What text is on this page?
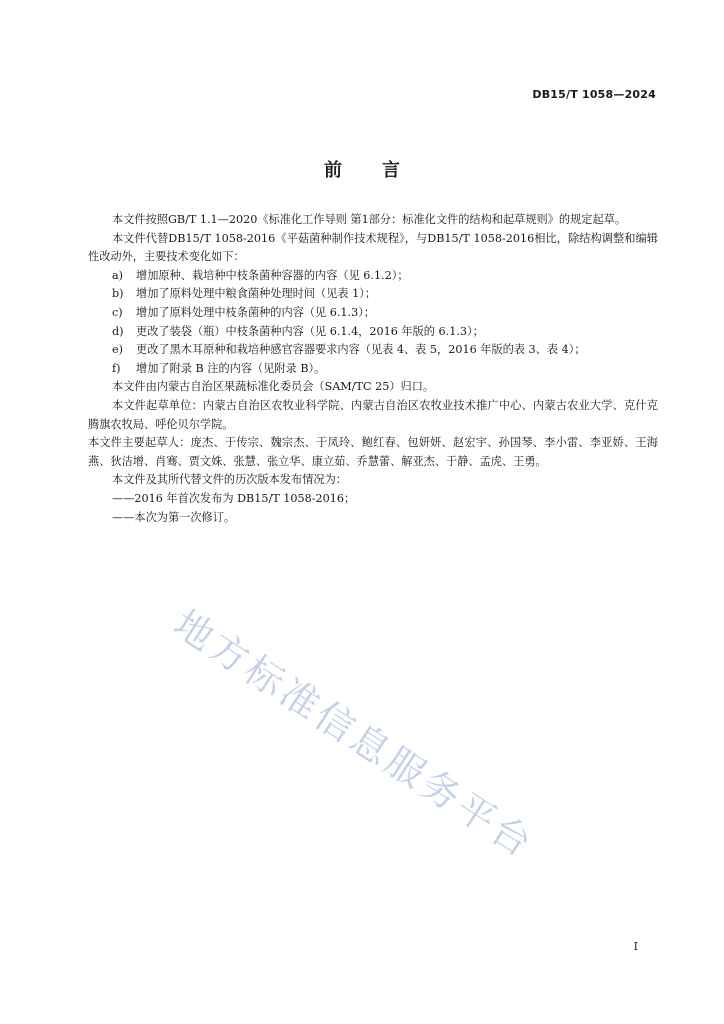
DB15/T 1058—2024
前言

本文件按照GB/T 1.1—2020《标准化工作导则 第1部分：标准化文件的结构和起草规则》的规定起草。

本文件代替DB15/T 1058-2016《平菇菌种制作技术规程》，与DB15/T 1058-2016相比，除结构调整和编辑性改动外，主要技术变化如下：

a)	增加原种、栽培种中枝条菌种容器的内容（见 6.1.2）；
b)	增加了原料处理中粮食菌种处理时间（见表 1）；
c)	增加了原料处理中枝条菌种的内容（见 6.1.3）；
d)	更改了装袋（瓶）中枝条菌种内容（见 6.1.4，2016 年版的 6.1.3）；
e)	更改了黑木耳原种和栽培种感官容器要求内容（见表 4、表 5，2016 年版的表 3、表 4）；
f)	增加了附录 B 注的内容（见附录 B）。

本文件由内蒙古自治区果蔬标准化委员会（SAM/TC 25）归口。

本文件起草单位：内蒙古自治区农牧业科学院、内蒙古自治区农牧业技术推广中心、内蒙古农业大学、克什克腾旗农牧局、呼伦贝尔学院。

本文件主要起草人：庞杰、于传宗、魏宗杰、于凤玲、鲍红春、包妍妍、赵宏宇、孙国琴、李小雷、李亚娇、王海燕、狄洁增、肖骞、贾文姝、张慧、张立华、康立茹、乔慧蕾、解亚杰、于静、孟虎、王勇。

本文件及其所代替文件的历次版本发布情况为：

——2016 年首次发布为 DB15/T 1058-2016；

——本次为第一次修订。

地方标准信息服务平台
I
